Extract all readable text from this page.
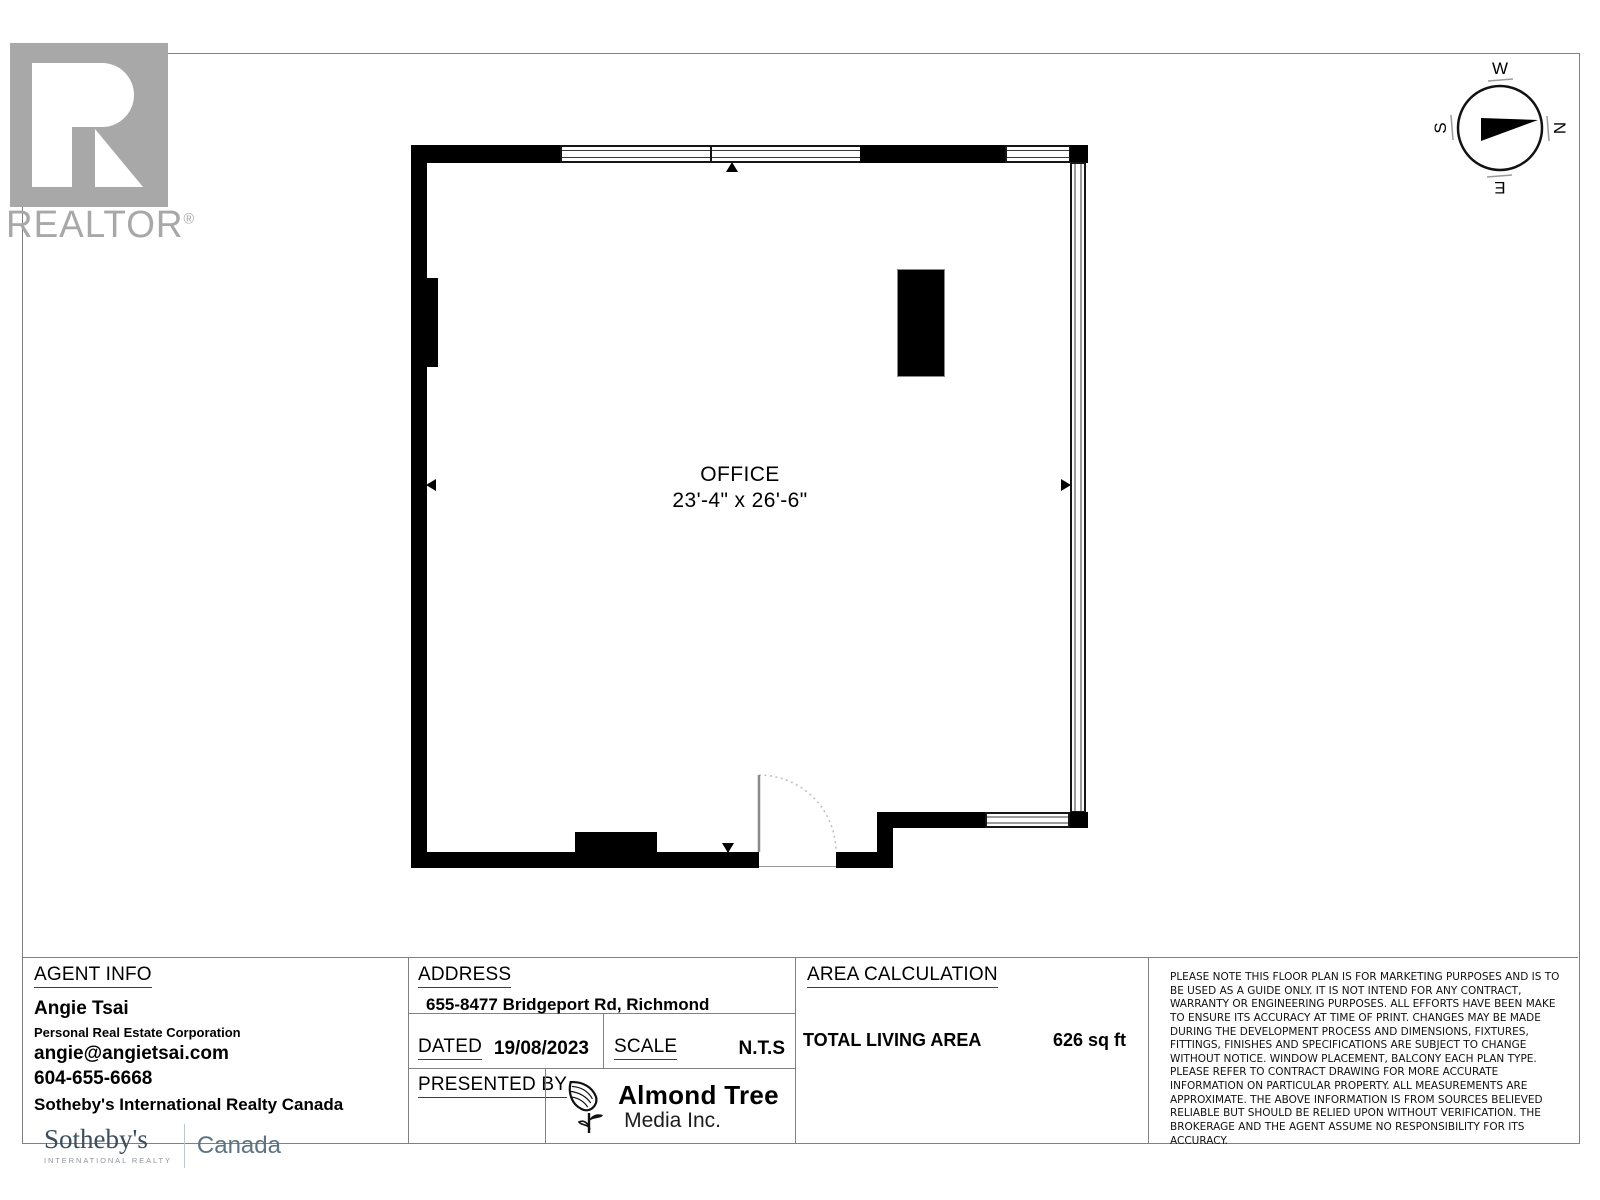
REALTOR®
W
N
E
S
OFFICE
23'-4" x 26'-6"
AGENT INFO
Angie Tsai
Personal Real Estate Corporation
angie@angietsai.com
604-655-6668
Sotheby's International Realty Canada
Sotheby's
INTERNATIONAL REALTY
Canada
ADDRESS
655-8477 Bridgeport Rd, Richmond
DATED 19/08/2023 SCALE	N.T.S
PRESENTED BY	Almond Tree
Media Inc.
AREA CALCULATION
TOTAL LIVING AREA	626 sq ft
PLEASE NOTE THIS FLOOR PLAN IS FOR MARKETING PURPOSES AND IS TO BE USED AS A GUIDE ONLY. IT IS NOT INTEND FOR ANY CONTRACT, WARRANTY OR ENGINEERING PURPOSES. ALL EFFORTS HAVE BEEN MAKE TO ENSURE ITS ACCURACY AT TIME OF PRINT. CHANGES MAY BE MADE DURING THE DEVELOPMENT PROCESS AND DIMENSIONS, FIXTURES, FITTINGS, FINISHES AND SPECIFICATIONS ARE SUBJECT TO CHANGE WITHOUT NOTICE. WINDOW PLACEMENT, BALCONY EACH PLAN TYPE. PLEASE REFER TO CONTRACT DRAWING FOR MORE ACCURATE INFORMATION ON PARTICULAR PROPERTY. ALL MEASUREMENTS ARE APPROXIMATE. THE ABOVE INFORMATION IS FROM SOURCES BELIEVED RELIABLE BUT SHOULD BE RELIED UPON WITHOUT VERIFICATION. THE BROKERAGE AND THE AGENT ASSUME NO RESPONSIBILITY FOR ITS ACCURACY.
